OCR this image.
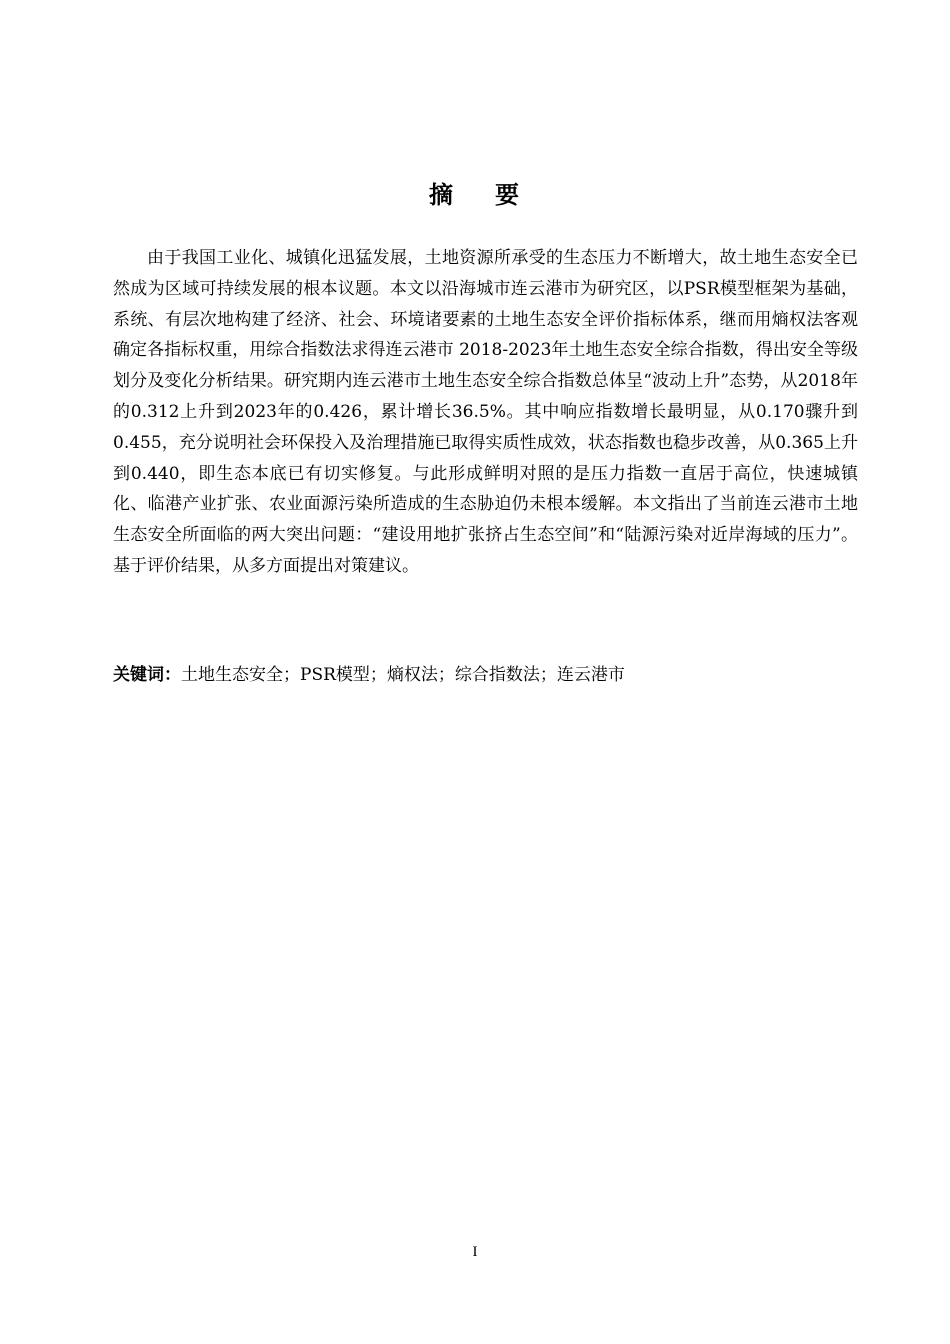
摘 要

由于我国工业化、城镇化迅猛发展，土地资源所承受的生态压力不断增大，故土地生态安全已然成为区域可持续发展的根本议题。本文以沿海城市连云港市为研究区，以PSR模型框架为基础，系统、有层次地构建了经济、社会、环境诸要素的土地生态安全评价指标体系，继而用熵权法客观确定各指标权重，用综合指数法求得连云港市 2018-2023年土地生态安全综合指数，得出安全等级划分及变化分析结果。研究期内连云港市土地生态安全综合指数总体呈“波动上升”态势，从2018年的0.312上升到2023年的0.426，累计增长36.5%。其中响应指数增长最明显，从0.170骤升到0.455，充分说明社会环保投入及治理措施已取得实质性成效，状态指数也稳步改善，从0.365上升到0.440，即生态本底已有切实修复。与此形成鲜明对照的是压力指数一直居于高位，快速城镇化、临港产业扩张、农业面源污染所造成的生态胁迫仍未根本缓解。本文指出了当前连云港市土地生态安全所面临的两大突出问题：“建设用地扩张挤占生态空间”和“陆源污染对近岸海域的压力”。基于评价结果，从多方面提出对策建议。

关键词：土地生态安全；PSR模型；熵权法；综合指数法；连云港市

I
